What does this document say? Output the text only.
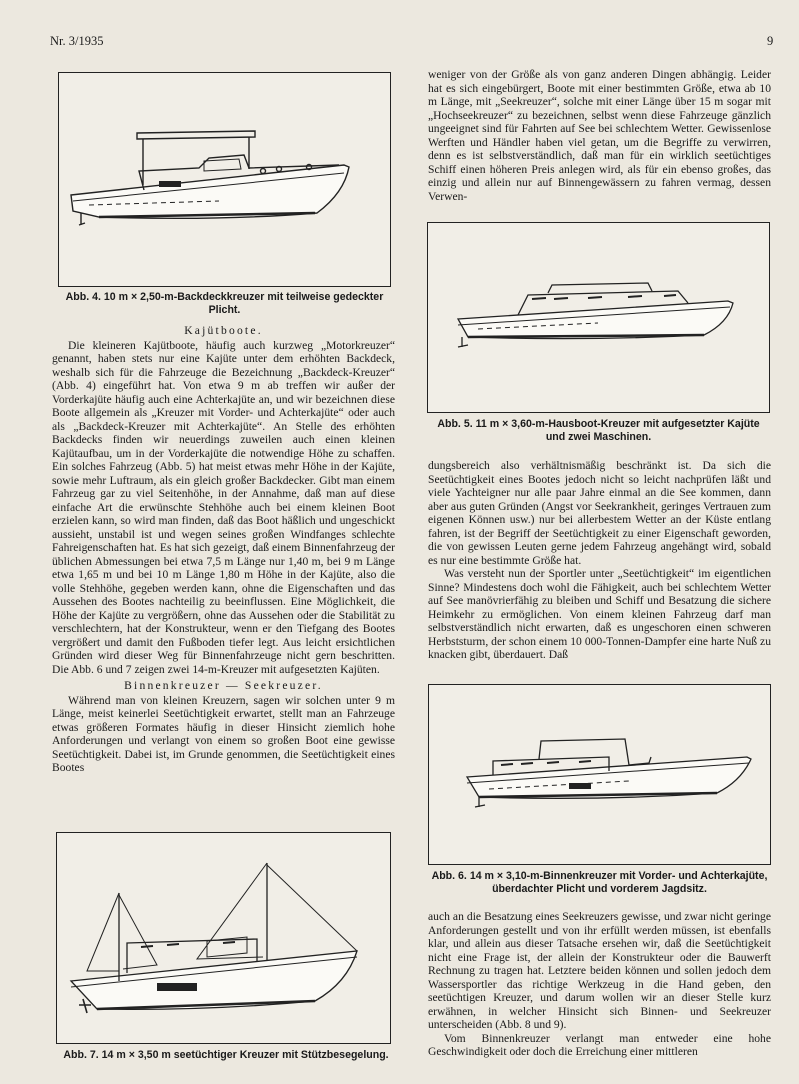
Nr. 3/1935	9
Abb. 4. 10 m × 2,50-m-Backdeckkreuzer mit teilweise gedeckter Plicht.
Kajütboote.

Die kleineren Kajütboote, häufig auch kurzweg „Motorkreuzer“ genannt, haben stets nur eine Kajüte unter dem erhöhten Backdeck, weshalb sich für die Fahrzeuge die Bezeichnung „Backdeck-Kreuzer“ (Abb. 4) eingeführt hat. Von etwa 9 m ab treffen wir außer der Vorderkajüte häufig auch eine Achterkajüte an, und wir bezeichnen diese Boote allgemein als „Kreuzer mit Vorder- und Achterkajüte“ oder auch als „Backdeck-Kreuzer mit Achterkajüte“. An Stelle des erhöhten Backdecks finden wir neuerdings zuweilen auch einen kleinen Kajütaufbau, um in der Vorderkajüte die notwendige Höhe zu schaffen. Ein solches Fahrzeug (Abb. 5) hat meist etwas mehr Höhe in der Kajüte, sowie mehr Luftraum, als ein gleich großer Backdecker. Gibt man einem Fahrzeug gar zu viel Seitenhöhe, in der Annahme, daß man auf diese einfache Art die erwünschte Stehhöhe auch bei einem kleinen Boot erzielen kann, so wird man finden, daß das Boot häßlich und ungeschickt aussieht, unstabil ist und wegen seines großen Windfanges schlechte Fahreigenschaften hat. Es hat sich gezeigt, daß einem Binnenfahrzeug der üblichen Abmessungen bei etwa 7,5 m Länge nur 1,40 m, bei 9 m Länge etwa 1,65 m und bei 10 m Länge 1,80 m Höhe in der Kajüte, also die volle Stehhöhe, gegeben werden kann, ohne die Eigenschaften und das Aussehen des Bootes nachteilig zu beeinflussen. Eine Möglichkeit, die Höhe der Kajüte zu vergrößern, ohne das Aussehen oder die Stabilität zu verschlechtern, hat der Konstrukteur, wenn er den Tiefgang des Bootes vergrößert und damit den Fußboden tiefer legt. Aus leicht ersichtlichen Gründen wird dieser Weg für Binnenfahrzeuge nicht gern beschritten. Die Abb. 6 und 7 zeigen zwei 14-m-Kreuzer mit aufgesetzten Kajüten.

Binnenkreuzer — Seekreuzer.

Während man von kleinen Kreuzern, sagen wir solchen unter 9 m Länge, meist keinerlei Seetüchtigkeit erwartet, stellt man an Fahrzeuge etwas größeren Formates häufig in dieser Hinsicht ziemlich hohe Anforderungen und verlangt von einem so großen Boot eine gewisse Seetüchtigkeit. Dabei ist, im Grunde genommen, die Seetüchtigkeit eines Bootes

Abb. 7. 14 m × 3,50 m seetüchtiger Kreuzer mit Stützbesegelung.

weniger von der Größe als von ganz anderen Dingen abhängig. Leider hat es sich eingebürgert, Boote mit einer bestimmten Größe, etwa ab 10 m Länge, mit „Seekreuzer“, solche mit einer Länge über 15 m sogar mit „Hochseekreuzer“ zu bezeichnen, selbst wenn diese Fahrzeuge gänzlich ungeeignet sind für Fahrten auf See bei schlechtem Wetter. Gewissenlose Werften und Händler haben viel getan, um die Begriffe zu verwirren, denn es ist selbstverständlich, daß man für ein wirklich seetüchtiges Schiff einen höheren Preis anlegen wird, als für ein ebenso großes, das einzig und allein nur auf Binnengewässern zu fahren vermag, dessen Verwen-

Abb. 5. 11 m × 3,60-m-Hausboot-Kreuzer mit aufgesetzter Kajüte und zwei Maschinen.

dungsbereich also verhältnismäßig beschränkt ist. Da sich die Seetüchtigkeit eines Bootes jedoch nicht so leicht nachprüfen läßt und viele Yachteigner nur alle paar Jahre einmal an die See kommen, dann aber aus guten Gründen (Angst vor Seekrankheit, geringes Vertrauen zum eigenen Können usw.) nur bei allerbestem Wetter an der Küste entlang fahren, ist der Begriff der Seetüchtigkeit zu einer Eigenschaft geworden, die von gewissen Leuten gerne jedem Fahrzeug angehängt wird, sobald es nur eine bestimmte Größe hat.

Was versteht nun der Sportler unter „Seetüchtigkeit“ im eigentlichen Sinne? Mindestens doch wohl die Fähigkeit, auch bei schlechtem Wetter auf See manövrierfähig zu bleiben und Schiff und Besatzung die sichere Heimkehr zu ermöglichen. Von einem kleinen Fahrzeug darf man selbstverständlich nicht erwarten, daß es ungeschoren einen schweren Herbststurm, der schon einem 10 000-Tonnen-Dampfer eine harte Nuß zu knacken gibt, überdauert. Daß

Abb. 6. 14 m × 3,10-m-Binnenkreuzer mit Vorder- und Achterkajüte, überdachter Plicht und vorderem Jagdsitz.

auch an die Besatzung eines Seekreuzers gewisse, und zwar nicht geringe Anforderungen gestellt und von ihr erfüllt werden müssen, ist ebenfalls klar, und allein aus dieser Tatsache ersehen wir, daß die Seetüchtigkeit nicht eine Frage ist, der allein der Konstrukteur oder die Bauwerft Rechnung zu tragen hat. Letztere beiden können und sollen jedoch dem Wassersportler das richtige Werkzeug in die Hand geben, den seetüchtigen Kreuzer, und darum wollen wir an dieser Stelle kurz erwähnen, in welcher Hinsicht sich Binnen- und Seekreuzer unterscheiden (Abb. 8 und 9).

Vom Binnenkreuzer verlangt man entweder eine hohe Geschwindigkeit oder doch die Erreichung einer mittleren
